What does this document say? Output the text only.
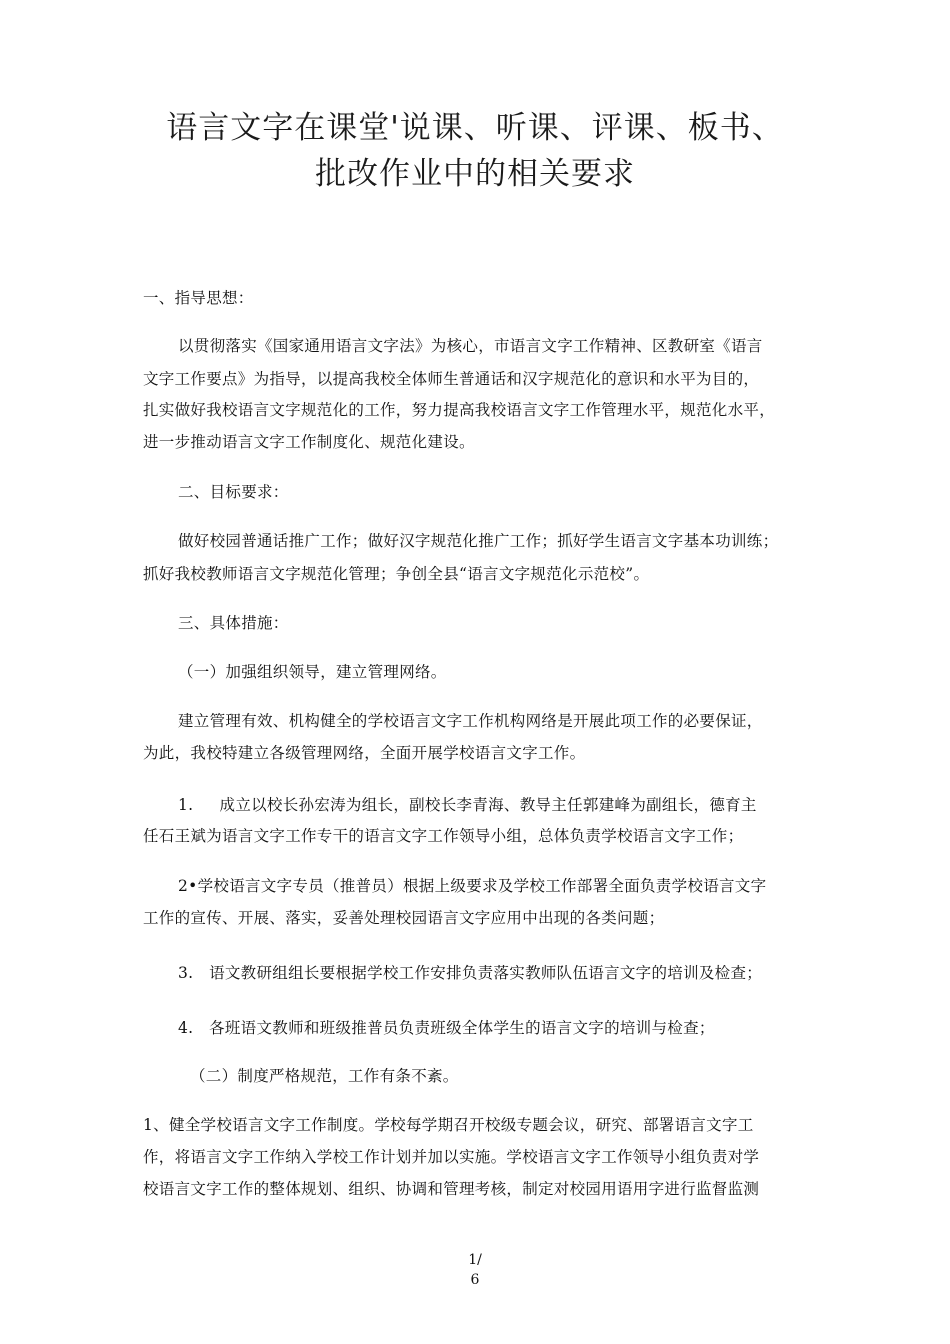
语言文字在课堂'说课、听课、评课、板书、
批改作业中的相关要求
一、指导思想：
以贯彻落实《国家通用语言文字法》为核心，市语言文字工作精神、区教研室《语言
文字工作要点》为指导，以提高我校全体师生普通话和汉字规范化的意识和水平为目的，
扎实做好我校语言文字规范化的工作，努力提高我校语言文字工作管理水平，规范化水平，
进一步推动语言文字工作制度化、规范化建设。
二、目标要求：
做好校园普通话推广工作；做好汉字规范化推广工作；抓好学生语言文字基本功训练；
抓好我校教师语言文字规范化管理；争创全县“语言文字规范化示范校”。
三、具体措施：
（一）加强组织领导，建立管理网络。
建立管理有效、机构健全的学校语言文字工作机构网络是开展此项工作的必要保证，
为此，我校特建立各级管理网络，全面开展学校语言文字工作。
1.     成立以校长孙宏涛为组长，副校长李青海、教导主任郭建峰为副组长，德育主
任石王斌为语言文字工作专干的语言文字工作领导小组，总体负责学校语言文字工作；
2•学校语言文字专员（推普员）根据上级要求及学校工作部署全面负责学校语言文字
工作的宣传、开展、落实，妥善处理校园语言文字应用中出现的各类问题；
3.   语文教研组组长要根据学校工作安排负责落实教师队伍语言文字的培训及检查；
4.   各班语文教师和班级推普员负责班级全体学生的语言文字的培训与检查；
（二）制度严格规范，工作有条不紊。
1、健全学校语言文字工作制度。学校每学期召开校级专题会议，研究、部署语言文字工
作，将语言文字工作纳入学校工作计划并加以实施。学校语言文字工作领导小组负责对学
校语言文字工作的整体规划、组织、协调和管理考核，制定对校园用语用字进行监督监测
1/
6
